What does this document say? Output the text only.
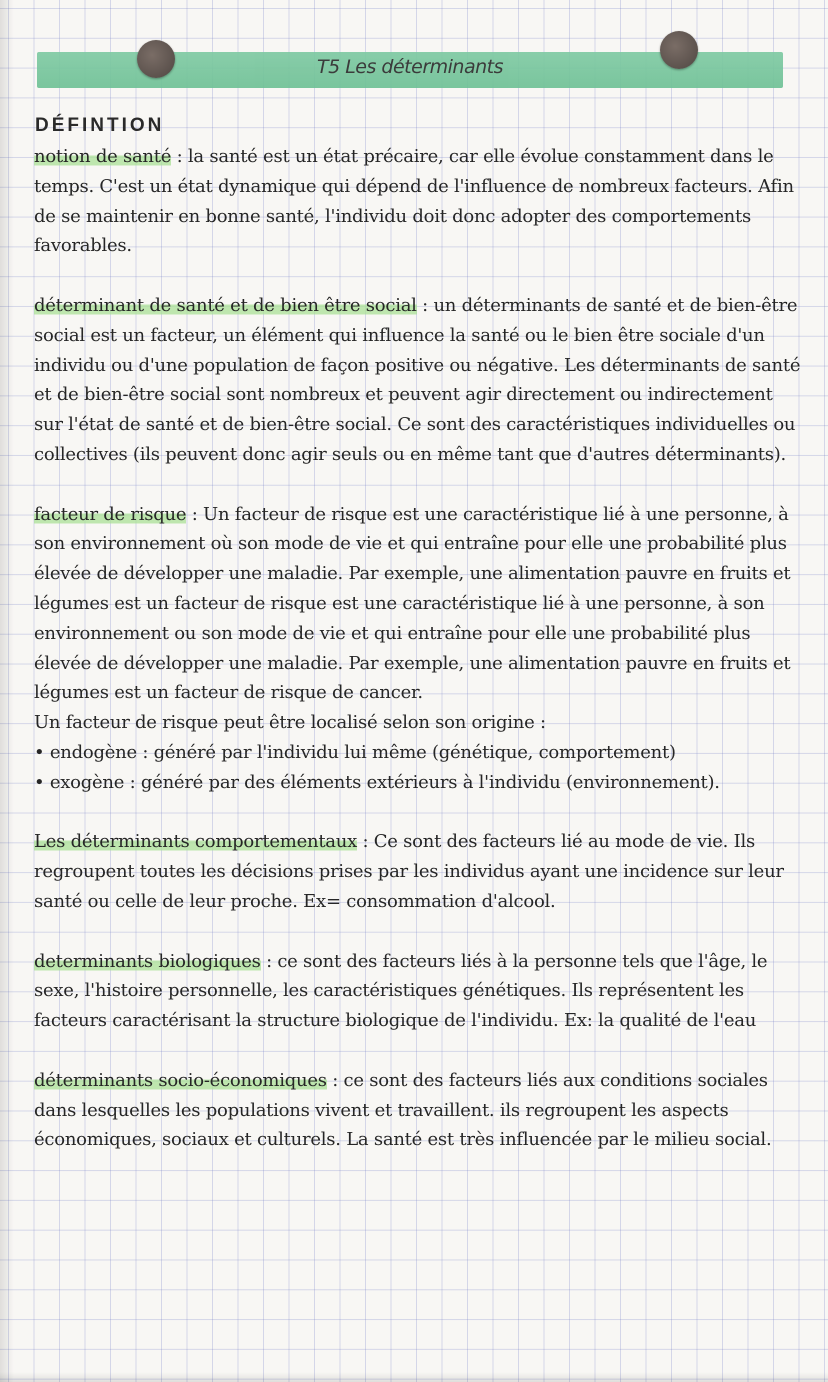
T5 Les déterminants
DÉFINTION

notion de santé : la santé est un état précaire, car elle évolue constamment dans le temps. C'est un état dynamique qui dépend de l'influence de nombreux facteurs. Afin de se maintenir en bonne santé, l'individu doit donc adopter des comportements favorables.

déterminant de santé et de bien être social : un déterminants de santé et de bien-être social est un facteur, un élément qui influence la santé ou le bien être sociale d'un individu ou d'une population de façon positive ou négative. Les déterminants de santé et de bien-être social sont nombreux et peuvent agir directement ou indirectement sur l'état de santé et de bien-être social. Ce sont des caractéristiques individuelles ou collectives (ils peuvent donc agir seuls ou en même tant que d'autres déterminants).

facteur de risque : Un facteur de risque est une caractéristique lié à une personne, à son environnement où son mode de vie et qui entraîne pour elle une probabilité plus élevée de développer une maladie. Par exemple, une alimentation pauvre en fruits et légumes est un facteur de risque est une caractéristique lié à une personne, à son environnement ou son mode de vie et qui entraîne pour elle une probabilité plus élevée de développer une maladie. Par exemple, une alimentation pauvre en fruits et légumes est un facteur de risque de cancer.

Un facteur de risque peut être localisé selon son origine :

• endogène : généré par l'individu lui même (génétique, comportement)

• exogène : généré par des éléments extérieurs à l'individu (environnement).

Les déterminants comportementaux : Ce sont des facteurs lié au mode de vie. Ils regroupent toutes les décisions prises par les individus ayant une incidence sur leur santé ou celle de leur proche. Ex= consommation d'alcool.

determinants biologiques : ce sont des facteurs liés à la personne tels que l'âge, le sexe, l'histoire personnelle, les caractéristiques génétiques. Ils représentent les facteurs caractérisant la structure biologique de l'individu. Ex: la qualité de l'eau

déterminants socio-économiques : ce sont des facteurs liés aux conditions sociales dans lesquelles les populations vivent et travaillent. ils regroupent les aspects économiques, sociaux et culturels. La santé est très influencée par le milieu social.
